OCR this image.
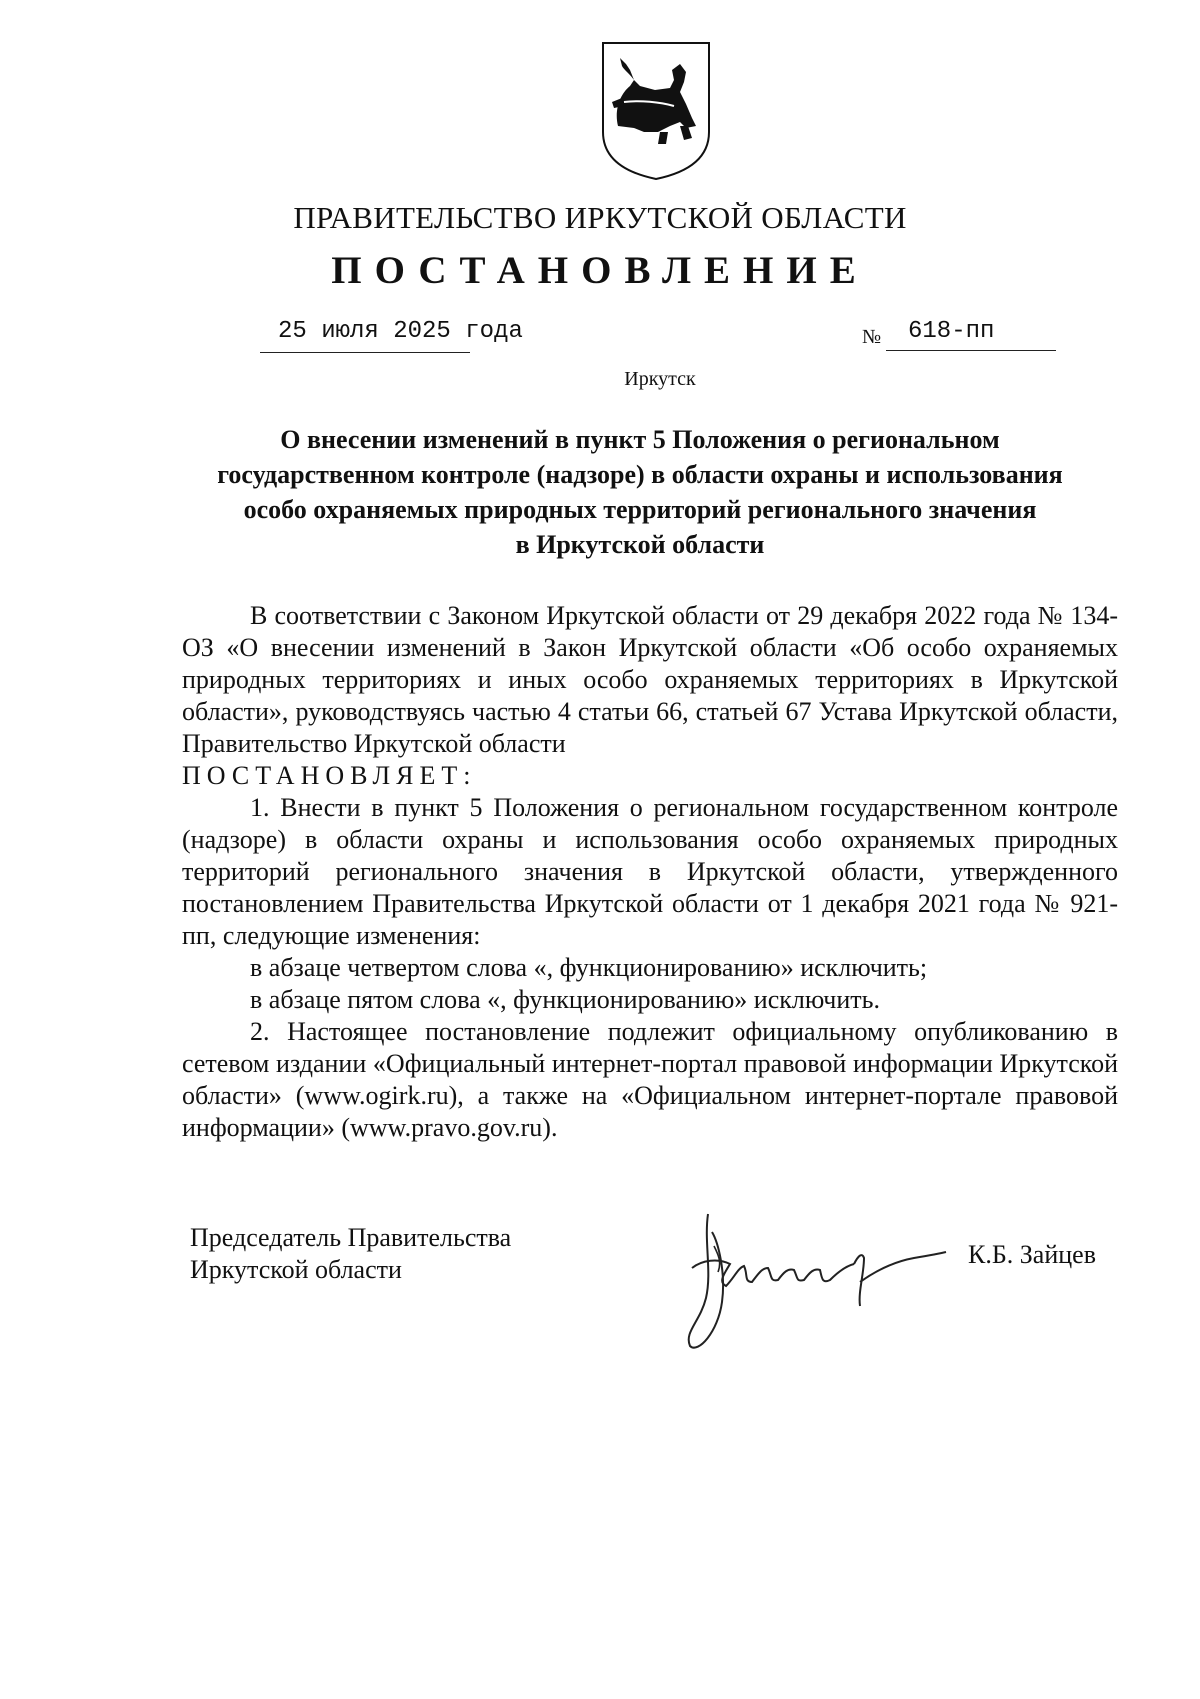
ПРАВИТЕЛЬСТВО ИРКУТСКОЙ ОБЛАСТИ
ПОСТАНОВЛЕНИЕ
25 июля 2025 года	№ 618-пп
Иркутск
О внесении изменений в пункт 5 Положения о региональном
государственном контроле (надзоре) в области охраны и использования
особо охраняемых природных территорий регионального значения
в Иркутской области

В соответствии с Законом Иркутской области от 29 декабря 2022 года № 134-ОЗ «О внесении изменений в Закон Иркутской области «Об особо охраняемых природных территориях и иных особо охраняемых территориях в Иркутской области», руководствуясь частью 4 статьи 66, статьей 67 Устава Иркутской области, Правительство Иркутской области

ПОСТАНОВЛЯЕТ:

1. Внести в пункт 5 Положения о региональном государственном контроле (надзоре) в области охраны и использования особо охраняемых природных территорий регионального значения в Иркутской области, утвержденного постановлением Правительства Иркутской области от 1 декабря 2021 года № 921-пп, следующие изменения:

в абзаце четвертом слова «, функционированию» исключить;

в абзаце пятом слова «, функционированию» исключить.

2. Настоящее постановление подлежит официальному опубликованию в сетевом издании «Официальный интернет-портал правовой информации Иркутской области» (www.ogirk.ru), а также на «Официальном интернет-портале правовой информации» (www.pravo.gov.ru).

Председатель Правительства
Иркутской области
К.Б. Зайцев
